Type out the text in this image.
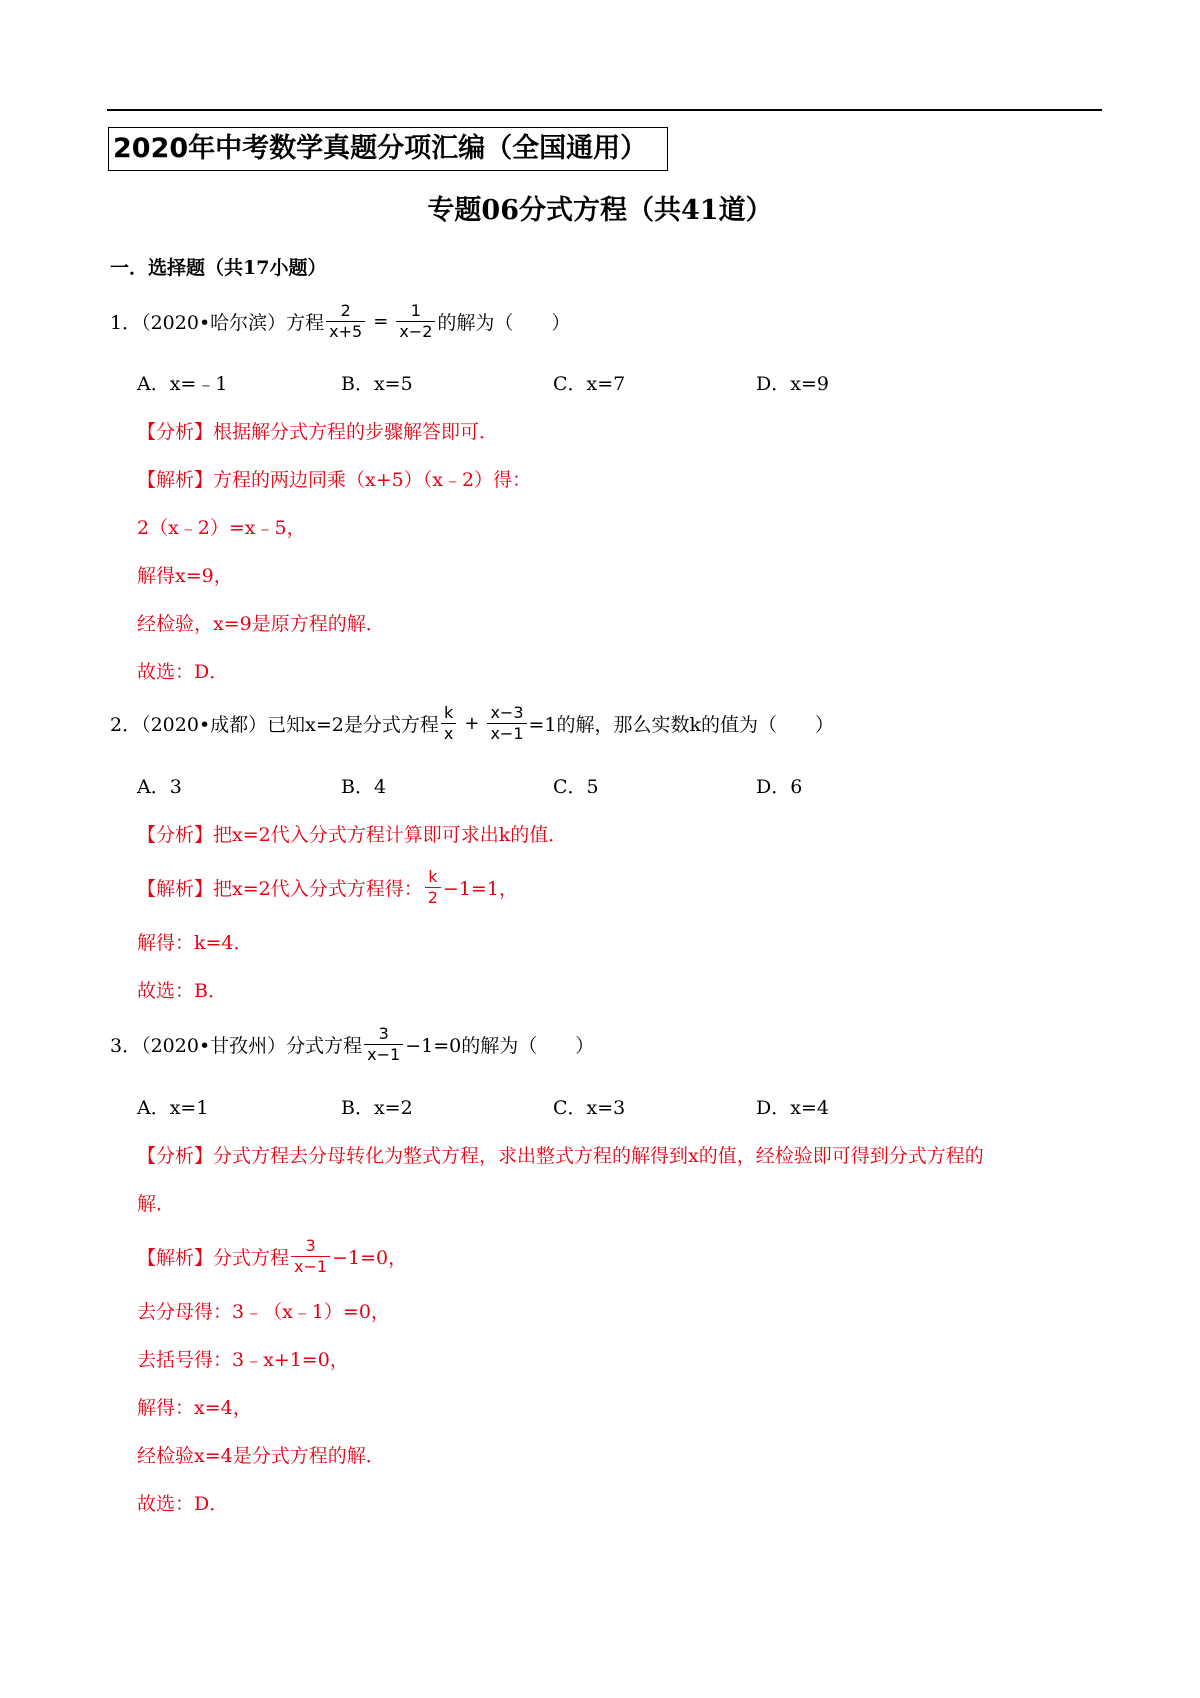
2020年中考数学真题分项汇编（全国通用）
专题06分式方程（共41道）
一．选择题（共17小题）
1．（2020•哈尔滨）方程 $\frac{2}{x+5} = \frac{1}{x-2}$ 的解为（　　）
A．x=﹣1	B．x=5	C．x=7	D．x=9
【分析】根据解分式方程的步骤解答即可．
【解析】方程的两边同乘（x+5）（x﹣2）得：
2（x﹣2）=x﹣5，
解得x=9，
经检验，x=9是原方程的解．
故选：D．
2．（2020•成都）已知x=2是分式方程 $\frac{k}{x} + \frac{x-3}{x-1} =1$的解，那么实数k的值为（　　）
A．3	B．4	C．5	D．6
【分析】把x=2代入分式方程计算即可求出k的值．
【解析】把x=2代入分式方程得： $\frac{k}{2} -1=1$，
解得：k=4．
故选：B．
3．（2020•甘孜州）分式方程 $\frac{3}{x-1} -1=0$的解为（　　）
A．x=1	B．x=2	C．x=3	D．x=4
【分析】分式方程去分母转化为整式方程，求出整式方程的解得到x的值，经检验即可得到分式方程的
解．
【解析】分式方程 $\frac{3}{x-1} -1=0$，
去分母得：3﹣（x﹣1）=0，
去括号得：3﹣x+1=0，
解得：x=4，
经检验x=4是分式方程的解．
故选：D．
